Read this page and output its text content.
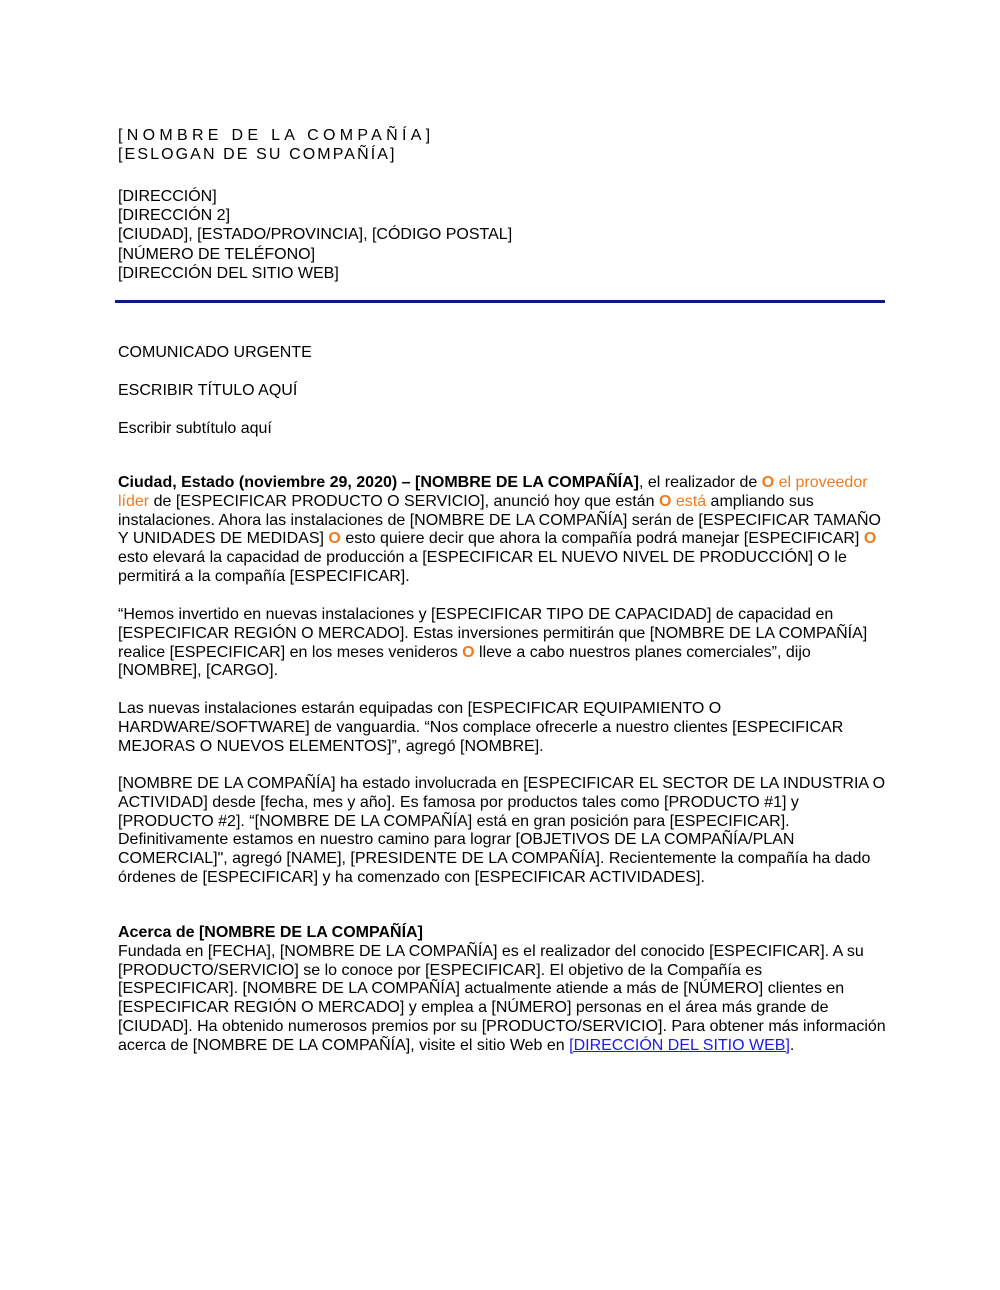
[NOMBRE DE LA COMPAÑÍA]
[ESLOGAN DE SU COMPAÑÍA]
[DIRECCIÓN]
[DIRECCIÓN 2]
[CIUDAD], [ESTADO/PROVINCIA], [CÓDIGO POSTAL]
[NÚMERO DE TELÉFONO]
[DIRECCIÓN DEL SITIO WEB]
COMUNICADO URGENTE
ESCRIBIR TÍTULO AQUÍ
Escribir subtítulo aquí

Ciudad, Estado (noviembre 29, 2020) – [NOMBRE DE LA COMPAÑÍA], el realizador de O el proveedor líder de [ESPECIFICAR PRODUCTO O SERVICIO], anunció hoy que están O está ampliando sus instalaciones. Ahora las instalaciones de [NOMBRE DE LA COMPAÑÍA] serán de [ESPECIFICAR TAMAÑO Y UNIDADES DE MEDIDAS] O esto quiere decir que ahora la compañía podrá manejar [ESPECIFICAR] O esto elevará la capacidad de producción a [ESPECIFICAR EL NUEVO NIVEL DE PRODUCCIÓN] O le permitirá a la compañía [ESPECIFICAR].

“Hemos invertido en nuevas instalaciones y [ESPECIFICAR TIPO DE CAPACIDAD] de capacidad en [ESPECIFICAR REGIÓN O MERCADO]. Estas inversiones permitirán que [NOMBRE DE LA COMPAÑÍA] realice [ESPECIFICAR] en los meses venideros O lleve a cabo nuestros planes comerciales”, dijo [NOMBRE], [CARGO].

Las nuevas instalaciones estarán equipadas con [ESPECIFICAR EQUIPAMIENTO O HARDWARE/SOFTWARE] de vanguardia. “Nos complace ofrecerle a nuestro clientes [ESPECIFICAR MEJORAS O NUEVOS ELEMENTOS]”, agregó [NOMBRE].

[NOMBRE DE LA COMPAÑÍA] ha estado involucrada en [ESPECIFICAR EL SECTOR DE LA INDUSTRIA O ACTIVIDAD] desde [fecha, mes y año]. Es famosa por productos tales como [PRODUCTO #1] y [PRODUCTO #2]. “[NOMBRE DE LA COMPAÑÍA] está en gran posición para [ESPECIFICAR]. Definitivamente estamos en nuestro camino para lograr [OBJETIVOS DE LA COMPAÑÍA/PLAN COMERCIAL]", agregó [NAME], [PRESIDENTE DE LA COMPAÑÍA]. Recientemente la compañía ha dado órdenes de [ESPECIFICAR] y ha comenzado con [ESPECIFICAR ACTIVIDADES].

Acerca de [NOMBRE DE LA COMPAÑÍA]

Fundada en [FECHA], [NOMBRE DE LA COMPAÑÍA] es el realizador del conocido [ESPECIFICAR]. A su [PRODUCTO/SERVICIO] se lo conoce por [ESPECIFICAR]. El objetivo de la Compañía es [ESPECIFICAR]. [NOMBRE DE LA COMPAÑÍA] actualmente atiende a más de [NÚMERO] clientes en [ESPECIFICAR REGIÓN O MERCADO] y emplea a [NÚMERO] personas en el área más grande de [CIUDAD]. Ha obtenido numerosos premios por su [PRODUCTO/SERVICIO]. Para obtener más información acerca de [NOMBRE DE LA COMPAÑÍA], visite el sitio Web en [DIRECCIÓN DEL SITIO WEB].
